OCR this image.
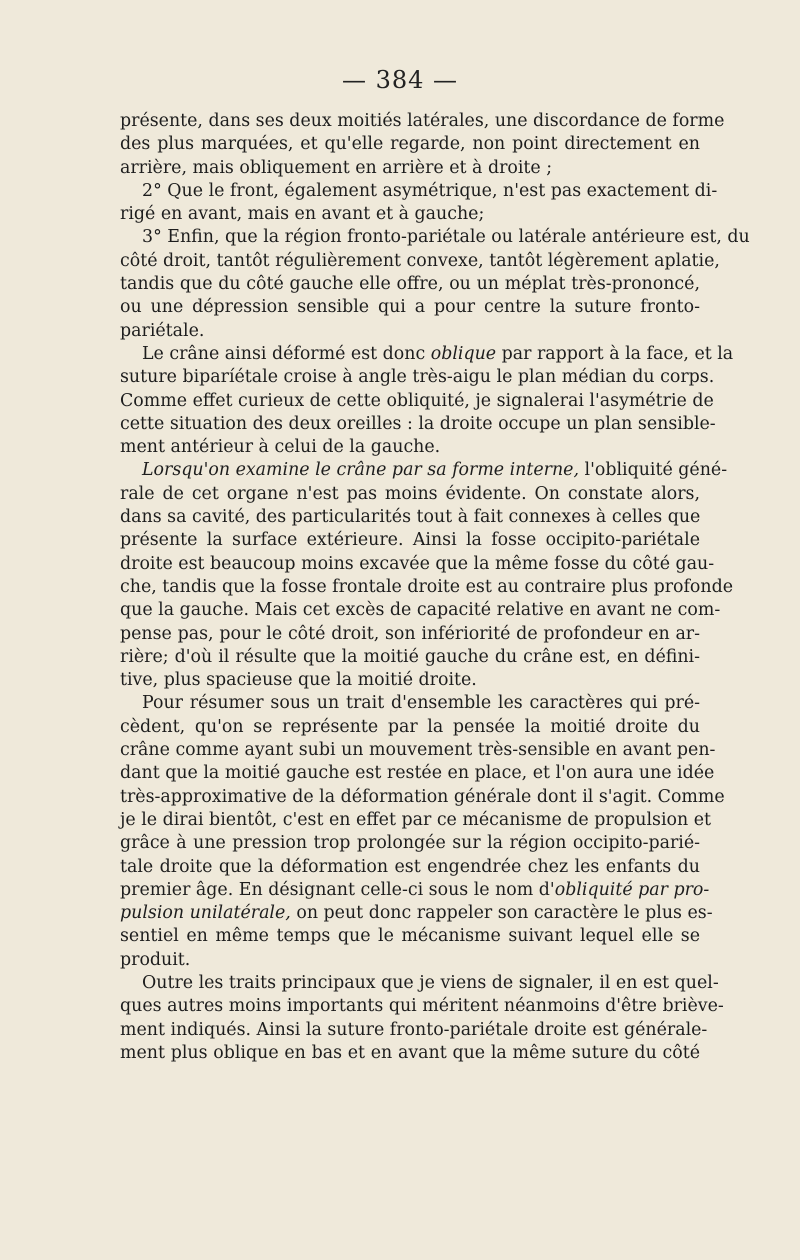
— 384 —
présente, dans ses deux moitiés latérales, une discordance de forme
des plus marquées, et qu'elle regarde, non point directement en
arrière, mais obliquement en arrière et à droite ;
2° Que le front, également asymétrique, n'est pas exactement di-
rigé en avant, mais en avant et à gauche;
3° Enfin, que la région fronto-pariétale ou latérale antérieure est, du
côté droit, tantôt régulièrement convexe, tantôt légèrement aplatie,
tandis que du côté gauche elle offre, ou un méplat très-prononcé,
ou une dépression sensible qui a pour centre la suture fronto-
pariétale.
Le crâne ainsi déformé est donc oblique par rapport à la face, et la
suture biparíétale croise à angle très-aigu le plan médian du corps.
Comme effet curieux de cette obliquité, je signalerai l'asymétrie de
cette situation des deux oreilles : la droite occupe un plan sensible-
ment antérieur à celui de la gauche.
Lorsqu'on examine le crâne par sa forme interne, l'obliquité géné-
rale de cet organe n'est pas moins évidente. On constate alors,
dans sa cavité, des particularités tout à fait connexes à celles que
présente la surface extérieure. Ainsi la fosse occipito-pariétale
droite est beaucoup moins excavée que la même fosse du côté gau-
che, tandis que la fosse frontale droite est au contraire plus profonde
que la gauche. Mais cet excès de capacité relative en avant ne com-
pense pas, pour le côté droit, son infériorité de profondeur en ar-
rière; d'où il résulte que la moitié gauche du crâne est, en défini-
tive, plus spacieuse que la moitié droite.
Pour résumer sous un trait d'ensemble les caractères qui pré-
cèdent, qu'on se représente par la pensée la moitié droite du
crâne comme ayant subi un mouvement très-sensible en avant pen-
dant que la moitié gauche est restée en place, et l'on aura une idée
très-approximative de la déformation générale dont il s'agit. Comme
je le dirai bientôt, c'est en effet par ce mécanisme de propulsion et
grâce à une pression trop prolongée sur la région occipito-parié-
tale droite que la déformation est engendrée chez les enfants du
premier âge. En désignant celle-ci sous le nom d'obliquité par pro-
pulsion unilatérale, on peut donc rappeler son caractère le plus es-
sentiel en même temps que le mécanisme suivant lequel elle se
produit.
Outre les traits principaux que je viens de signaler, il en est quel-
ques autres moins importants qui méritent néanmoins d'être briève-
ment indiqués. Ainsi la suture fronto-pariétale droite est générale-
ment plus oblique en bas et en avant que la même suture du côté
